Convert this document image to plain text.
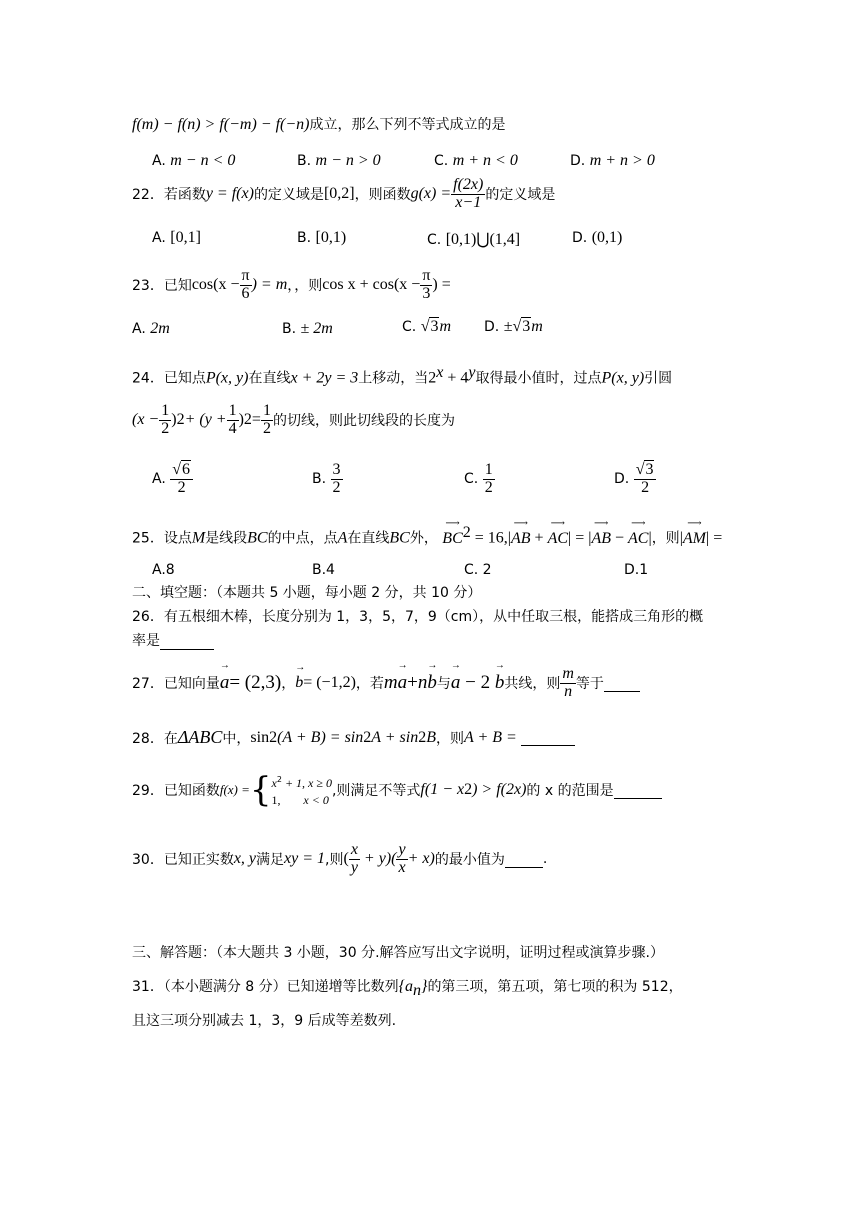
f(m) − f(n) > f(−m) − f(−n)成立，那么下列不等式成立的是
A. m − n < 0	B. m − n > 0	C. m + n < 0	D. m + n > 0
22． 若函数 y = f(x) 的定义域是 [0,2] ，则函数 $g(x) = \frac{f(2x)}{x-1}$ 的定义域是
A. [0,1]	B. [0,1)	C. [0,1)⋃(1,4]	D. (0,1)
23． 已知 $\cos(x - \frac{\pi}{6}$ ) = m ，，则 $\cos x + \cos(x - \frac{\pi}{3}$ ) =
A. 2m	B. ± 2m	C. √3m D. ±√3m
24．已知点P(x, y)在直线x + 2y = 3上移动，当$2^x + 4^y$取得最小值时，过点P(x, y)引圆
($x - \frac{1}{2}$ ) $2 + (y + \frac{1}{4}$ ) $2 = \frac{1}{2}$ 的切线，则此切线段的长度为
A.
$\frac{√6}{2}$	B.
$\frac{3}{2}$	C.
$\frac{1}{2}$	D.
$\frac{√3}{2}$
25．设点M是线段BC的中点，点A在直线BC外，
⟶
$BC^2 = 16,|$
⟶
AB +
⟶
AC| = |
⟶
AB −
⟶
AC|，则|
⟶
AM| =
A.8	B.4	C. 2	D.1
二、填空题：（本题共 5 小题，每小题 2 分，共 10 分）
26．有五根细木棒，长度分别为 1，3，5，7，9（cm），从中任取三根，能搭成三角形的概
率是
27． 已知向量
→
a = (2,3) ，
→
b = (−1,2) ，若 m
→
a + n
→
b 与
→
a − 2
→
b 共线，则 $\frac{m}{n}$ 等于

28． 在 ΔABC 中， sin 2 (A + B) = sin 2 A + sin 2 B ，则 A + B =

29． 已知函数 f(x) = { $x^2 + 1$, x ≥ 0
1, x < 0
,则满足不等式 f(1 − x 2 ) > f(2x) 的 x 的范围是

30． 已知正实数 x, y 满足 xy = 1 ,则 ( $\frac{x}{y} + y)( \frac{y}{x} + x)$ 的最小值为
	.
三、解答题：（本大题共 3 小题，30 分.解答应写出文字说明，证明过程或演算步骤.）
31．（本小题满分 8 分）已知递增等比数列$\{a_n\}$的第三项，第五项，第七项的积为 512，
且这三项分别减去 1，3，9 后成等差数列.
